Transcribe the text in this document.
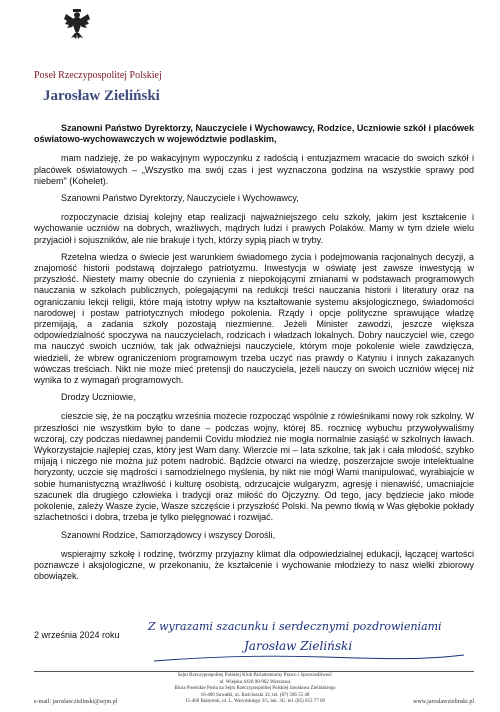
Poseł Rzeczypospolitej Polskiej
Jarosław Zieliński

Szanowni Państwo Dyrektorzy, Nauczyciele i Wychowawcy, Rodzice, Uczniowie szkół i placówek oświatowo-wychowawczych w województwie podlaskim,

mam nadzieję, że po wakacyjnym wypoczynku z radością i entuzjazmem wracacie do swoich szkół i placówek oświatowych – „Wszystko ma swój czas i jest wyznaczona godzina na wszystkie sprawy pod niebem" (Kohelet).

Szanowni Państwo Dyrektorzy, Nauczyciele i Wychowawcy,

rozpoczynacie dzisiaj kolejny etap realizacji najważniejszego celu szkoły, jakim jest kształcenie i wychowanie uczniów na dobrych, wrażliwych, mądrych ludzi i prawych Polaków. Mamy w tym dziele wielu przyjaciół i sojuszników, ale nie brakuje i tych, którzy sypią piach w tryby.

Rzetelna wiedza o świecie jest warunkiem świadomego życia i podejmowania racjonalnych decyzji, a znajomość historii podstawą dojrzałego patriotyzmu. Inwestycja w oświatę jest zawsze inwestycją w przyszłość. Niestety mamy obecnie do czynienia z niepokojącymi zmianami w podstawach programowych nauczania w szkołach publicznych, polegającymi na redukcji treści nauczania historii i literatury oraz na ograniczaniu lekcji religii, które mają istotny wpływ na kształtowanie systemu aksjologicznego, świadomości narodowej i postaw patriotycznych młodego pokolenia. Rządy i opcje polityczne sprawujące władzę przemijają, a zadania szkoły pozostają niezmienne. Jeżeli Minister zawodzi, jeszcze większa odpowiedzialność spoczywa na nauczycielach, rodzicach i władzach lokalnych. Dobry nauczyciel wie, czego ma nauczyć swoich uczniów, tak jak odważniejsi nauczyciele, którym moje pokolenie wiele zawdzięcza, wiedzieli, że wbrew ograniczeniom programowym trzeba uczyć nas prawdy o Katyniu i innych zakazanych wówczas treściach. Nikt nie może mieć pretensji do nauczyciela, jeżeli nauczy on swoich uczniów więcej niż wynika to z wymagań programowych.

Drodzy Uczniowie,

cieszcie się, że na początku września możecie rozpocząć wspólnie z rówieśnikami nowy rok szkolny. W przeszłości nie wszystkim było to dane – podczas wojny, której 85. rocznicę wybuchu przywoływaliśmy wczoraj, czy podczas niedawnej pandemii Covidu młodzież nie mogła normalnie zasiąść w szkolnych ławach. Wykorzystajcie najlepiej czas, który jest Wam dany. Wierzcie mi – lata szkolne, tak jak i cała młodość, szybko mijają i niczego nie można już potem nadrobić. Bądźcie otwarci na wiedzę, poszerzajcie swoje intelektualne horyzonty, uczcie się mądrości i samodzielnego myślenia, by nikt nie mógł Wami manipulować, wyrabiajcie w sobie humanistyczną wrażliwość i kulturę osobistą, odrzucajcie wulgaryzm, agresję i nienawiść, umacniajcie szacunek dla drugiego człowieka i tradycji oraz miłość do Ojczyzny. Od tego, jacy będziecie jako młode pokolenie, zależy Wasze życie, Wasze szczęście i przyszłość Polski. Na pewno tkwią w Was głębokie pokłady szlachetności i dobra, trzeba je tylko pielęgnować i rozwijać.

Szanowni Rodzice, Samorządowcy i wszyscy Dorośli,

wspierajmy szkołę i rodzinę, twórzmy przyjazny klimat dla odpowiedzialnej edukacji, łączącej wartości poznawcze i aksjologiczne, w przekonaniu, że kształcenie i wychowanie młodzieży to nasz wielki zbiorowy obowiązek.

2 września 2024 roku
Z wyrazami szacunku i serdecznymi pozdrowieniami
Jarosław Zieliński
Sejm Rzeczypospolitej Polskiej Klub Parlamentarny Prawo i Sprawiedliwość
ul. Wiejska 4/6/8 00-902 Warszawa
Biura Poselskie Posła na Sejm Rzeczypospolitej Polskiej Jarosława Zielińskiego
16-400 Suwałki, ul. Kościuszki 32, tel. (87) 566 55 48
15-460 Białystok, ul. L. Waryńskiego 3/5, lok. 3U, tel. (85) 653 77 69
e-mail: jaroslaw.zielinski@sejm.pl	www.jaroslawzielinski.pl
